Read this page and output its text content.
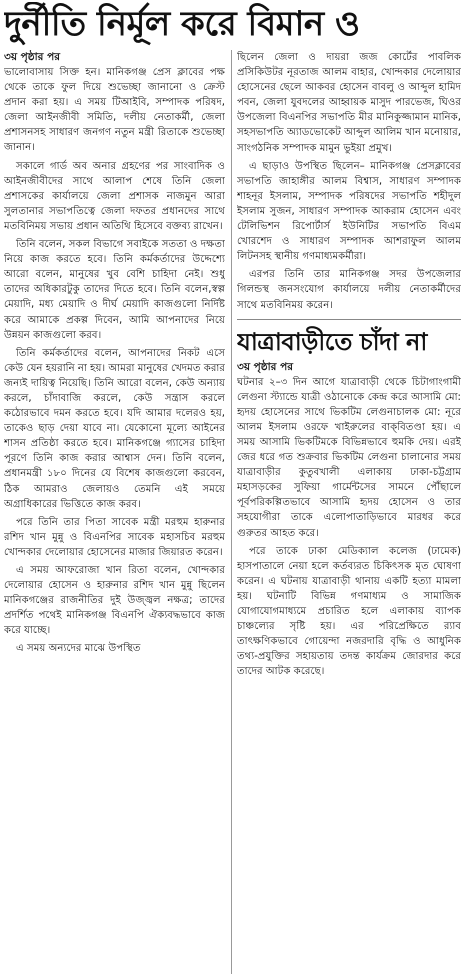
দুর্নীতি নির্মূল করে বিমান ও
৩য় পৃষ্ঠার পর

ভালোবাসায় সিক্ত হন। মানিকগঞ্জ প্রেস ক্লাবের পক্ষ থেকে তাকে ফুল দিয়ে শুভেচ্ছা জানানো ও ক্রেস্ট প্রদান করা হয়। এ সময় টিআইবি, সম্পাদক পরিষদ, জেলা আইনজীবী সমিতি, দলীয় নেতাকর্মী, জেলা প্রশাসনসহ সাধারণ জনগণ নতুন মন্ত্রী রিতাকে শুভেচ্ছা জানান।

সকালে গার্ড অব অনার গ্রহণের পর সাংবাদিক ও আইনজীবীদের সাথে আলাপ শেষে তিনি জেলা প্রশাসকের কার্যালয়ে জেলা প্রশাসক নাজমুন আরা সুলতানার সভাপতিত্বে জেলা দফতর প্রধানদের সাথে মতবিনিময় সভায় প্রধান অতিথি হিসেবে বক্তব্য রাখেন।

তিনি বলেন, সকল বিভাগে সবাইকে সততা ও দক্ষতা নিয়ে কাজ করতে হবে। তিনি কর্মকর্তাদের উদ্দেশ্যে আরো বলেন, মানুষের খুব বেশি চাহিদা নেই। শুধু তাদের অধিকারটুকু তাদের দিতে হবে। তিনি বলেন,স্বল্প মেয়াদি, মধ্য মেয়াদি ও দীর্ঘ মেয়াদি কাজগুলো নির্দিষ্ট করে আমাকে প্রকল্প দিবেন, আমি আপনাদের নিয়ে উন্নয়ন কাজগুলো করব।

তিনি কর্মকর্তাদের বলেন, আপনাদের নিকট এসে কেউ যেন হয়রানি না হয়। আমরা মানুষের খেদমত করার জন্যই দায়িত্ব নিয়েছি। তিনি আরো বলেন, কেউ অন্যায় করলে, চাঁদাবাজি করলে, কেউ সন্ত্রাস করলে কঠোরভাবে দমন করতে হবে। যদি আমার দলেরও হয়, তাকেও ছাড় দেয়া যাবে না। যেকোনো মূল্যে আইনের শাসন প্রতিষ্ঠা করতে হবে। মানিকগঞ্জে গ্যাসের চাহিদা পূরণে তিনি কাজ করার আশ্বাস দেন। তিনি বলেন, প্রধানমন্ত্রী ১৮০ দিনের যে বিশেষ কাজগুলো করবেন, ঠিক আমরাও জেলায়ও তেমনি এই সময়ে অগ্রাধিকারের ভিত্তিতে কাজ করব।

পরে তিনি তার পিতা সাবেক মন্ত্রী মরহুম হারুনার রশিদ খান মুন্নু ও বিএনপির সাবেক মহাসচিব মরহুম খোন্দকার দেলোয়ার হোসেনের মাজার জিয়ারত করেন।

এ সময় আফরোজা খান রিতা বলেন, খোন্দকার দেলোয়ার হোসেন ও হারুনার রশিদ খান মুন্নু ছিলেন মানিকগঞ্জের রাজনীতির দুই উজ্জ্বল নক্ষত্র; তাদের প্রদর্শিত পথেই মানিকগঞ্জ বিএনপি ঐক্যবদ্ধভাবে কাজ করে যাচ্ছে।

এ সময় অন্যদের মাঝে উপস্থিত

ছিলেন জেলা ও দায়রা জজ কোর্টের পাবলিক প্রসিকিউটর নূরতাজ আলম বাহার, খোন্দকার দেলোয়ার হোসেনের ছেলে আকবর হোসেন বাবলু ও আব্দুল হামিদ পবন, জেলা যুবদলের আহ্বায়ক মাসুদ পারভেজ, ঘিওর উপজেলা বিএনপির সভাপতি মীর মানিকুজ্জামান মানিক, সহসভাপতি অ্যাডভোকেট আব্দুল আলিম খান মনোয়ার, সাংগঠনিক সম্পাদক মামুন ভুইয়া প্রমুখ।

এ ছাড়াও উপস্থিত ছিলেন– মানিকগঞ্জ প্রেসক্লাবের সভাপতি জাহাঙ্গীর আলম বিশ্বাস, সাধারণ সম্পাদক শাহনূর ইসলাম, সম্পাদক পরিষদের সভাপতি শহীদুল ইসলাম সুজন, সাধারণ সম্পাদক আকরাম হোসেন এবং টেলিভিশন রিপোর্টার্স ইউনিটির সভাপতি বিএম খোরশেদ ও সাধারণ সম্পাদক আশরাফুল আলম লিটনসহ স্থানীয় গণমাধ্যমকর্মীরা।

এরপর তিনি তার মানিকগঞ্জ সদর উপজেলার গিলন্ডস্থ জনসংযোগ কার্যালয়ে দলীয় নেতাকর্মীদের সাথে মতবিনিময় করেন।

যাত্রাবাড়ীতে চাঁদা না
৩য় পৃষ্ঠার পর

ঘটনার ২–৩ দিন আগে যাত্রাবাড়ী থেকে চিটাগাংগামী লেগুনা স্ট্যান্ডে যাত্রী ওঠানোকে কেন্দ্র করে আসামি মো: হৃদয় হোসেনের সাথে ভিকটিম লেগুনাচালক মো: নূরে আলম ইসলাম ওরফে খাইরুলের বাক্‌বিতণ্ডা হয়। এ সময় আসামি ভিকটিমকে বিভিন্নভাবে হুমকি দেয়। এরই জের ধরে গত শুক্রবার ভিকটিম লেগুনা চালানোর সময় যাত্রাবাড়ীর কুতুবখালী এলাকায় ঢাকা-চট্টগ্রাম মহাসড়কের সুফিয়া গার্মেন্টসের সামনে পৌঁছালে পূর্বপরিকল্পিতভাবে আসামি হৃদয় হোসেন ও তার সহযোগীরা তাকে এলোপাতাড়িভাবে মারধর করে গুরুতর আহত করে।

পরে তাকে ঢাকা মেডিক্যাল কলেজ (ঢামেক) হাসপাতালে নেয়া হলে কর্তব্যরত চিকিৎসক মৃত ঘোষণা করেন। এ ঘটনায় যাত্রাবাড়ী থানায় একটি হত্যা মামলা হয়। ঘটনাটি বিভিন্ন গণমাধ্যম ও সামাজিক যোগাযোগমাধ্যমে প্রচারিত হলে এলাকায় ব্যাপক চাঞ্চল্যের সৃষ্টি হয়। এর পরিপ্রেক্ষিতে র‍্যাব তাৎক্ষণিকভাবে গোয়েন্দা নজরদারি বৃদ্ধি ও আধুনিক তথ্য-প্রযুক্তির সহায়তায় তদন্ত কার্যক্রম জোরদার করে তাদের আটক করেছে।
